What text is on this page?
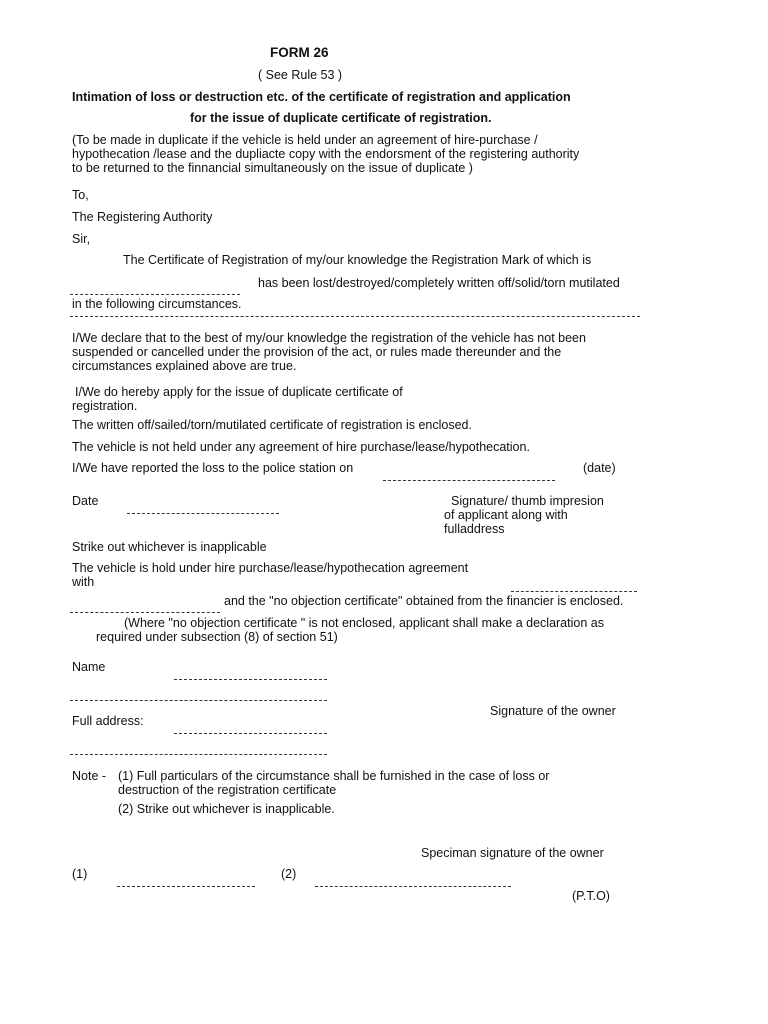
FORM 26
( See Rule 53 )
Intimation of loss or destruction etc. of the certificate of registration and application
for the issue of duplicate certificate of registration.
(To be made in duplicate if the vehicle is held under an agreement of hire-purchase /
hypothecation /lease and the dupliacte copy with the endorsment of the registering authority
to be returned to the finnancial simultaneously on the issue of duplicate )
To,
The Registering Authority
Sir,
The Certificate of Registration of my/our knowledge the Registration Mark of which is
has been lost/destroyed/completely written off/solid/torn mutilated
in the following circumstances.
I/We declare that to the best of my/our knowledge the registration of the vehicle has not been
suspended or cancelled under the provision of the act, or rules made thereunder and the
circumstances explained above are true.
I/We do hereby apply for the issue of duplicate certificate of
registration.
The written off/sailed/torn/mutilated certificate of registration is enclosed.
The vehicle is not held under any agreement of hire purchase/lease/hypothecation.
I/We have reported the loss to the police station on	(date)
Date	Signature/ thumb impresion
of applicant along with
fulladdress
Strike out whichever is inapplicable
The vehicle is hold under hire purchase/lease/hypothecation agreement
with
and the "no objection certificate" obtained from the financier is enclosed.
(Where "no objection certificate " is not enclosed, applicant shall make a declaration as
required under subsection (8) of section 51)
Name
Signature of the owner
Full address:
Note - (1) Full particulars of the circumstance shall be furnished in the case of loss or
destruction of the registration certificate
(2) Strike out whichever is inapplicable.
Speciman signature of the owner
(1)	(2)
(P.T.O)
